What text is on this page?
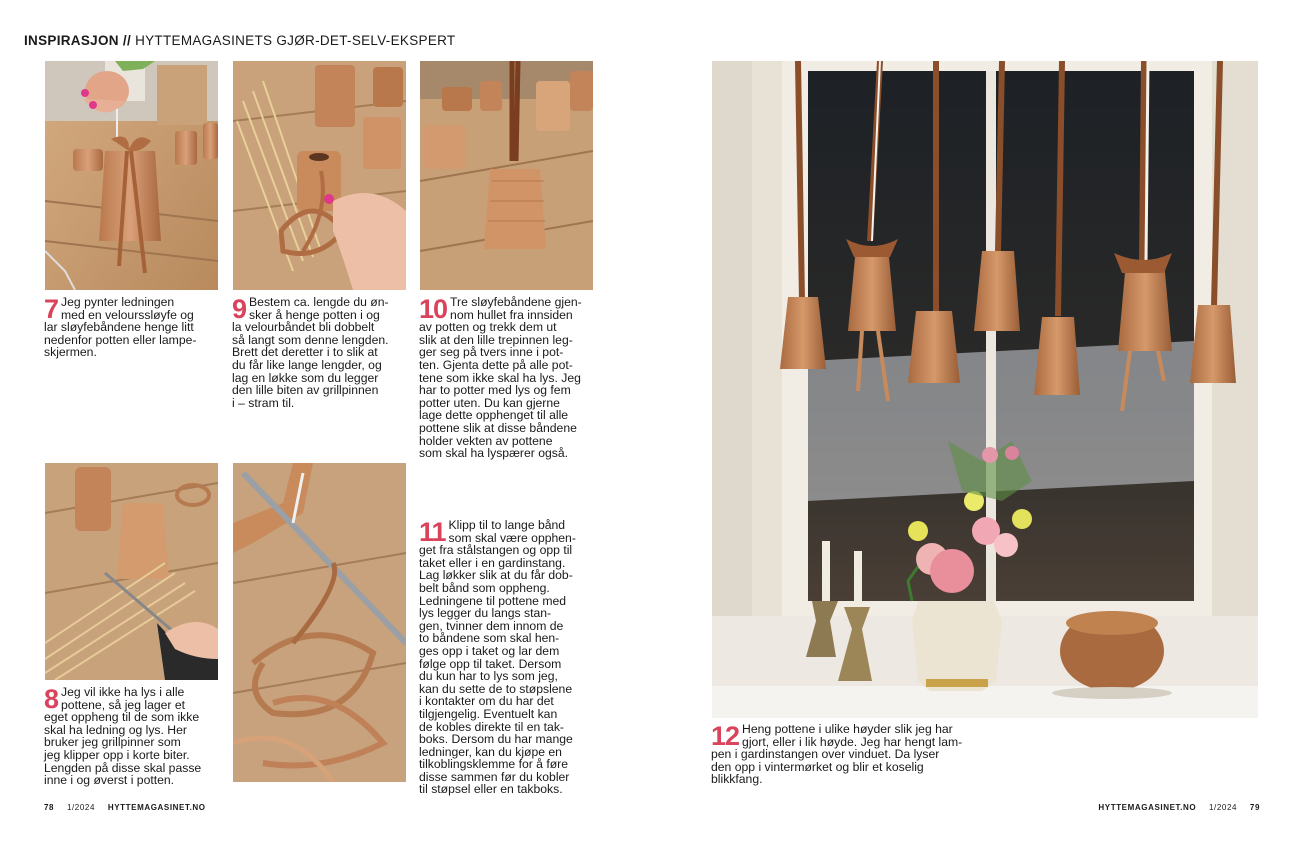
INSPIRASJON // HYTTEMAGASINETS GJØR-DET-SELV-EKSPERT
7 Jeg pynter ledningen
med en velourssløyfe og
lar sløyfebåndene henge litt
nedenfor potten eller lampe-
skjermen.
9 Bestem ca. lengde du øn-
sker å henge potten i og
la velourbåndet bli dobbelt
så langt som denne lengden.
Brett det deretter i to slik at
du får like lange lengder, og
lag en løkke som du legger
den lille biten av grillpinnen
i – stram til.
10 Tre sløyfebåndene gjen-
nom hullet fra innsiden
av potten og trekk dem ut
slik at den lille trepinnen leg-
ger seg på tvers inne i pot-
ten. Gjenta dette på alle pot-
tene som ikke skal ha lys. Jeg
har to potter med lys og fem
potter uten. Du kan gjerne
lage dette opphenget til alle
pottene slik at disse båndene
holder vekten av pottene
som skal ha lyspærer også.
8 Jeg vil ikke ha lys i alle
pottene, så jeg lager et
eget oppheng til de som ikke
skal ha ledning og lys. Her
bruker jeg grillpinner som
jeg klipper opp i korte biter.
Lengden på disse skal passe
inne i og øverst i potten.
11 Klipp til to lange bånd
som skal være opphen-
get fra stålstangen og opp til
taket eller i en gardinstang.
Lag løkker slik at du får dob-
belt bånd som oppheng.
Ledningene til pottene med
lys legger du langs stan-
gen, tvinner dem innom de
to båndene som skal hen-
ges opp i taket og lar dem
følge opp til taket. Dersom
du kun har to lys som jeg,
kan du sette de to støpslene
i kontakter om du har det
tilgjengelig. Eventuelt kan
de kobles direkte til en tak-
boks. Dersom du har mange
ledninger, kan du kjøpe en
tilkoblingsklemme for å føre
disse sammen før du kobler
til støpsel eller en takboks.
12 Heng pottene i ulike høyder slik jeg har
gjort, eller i lik høyde. Jeg har hengt lam-
pen i gardinstangen over vinduet. Da lyser
den opp i vintermørket og blir et koselig
blikkfang.
78 1/2024 HYTTEMAGASINET.NO	HYTTEMAGASINET.NO 1/2024 79
